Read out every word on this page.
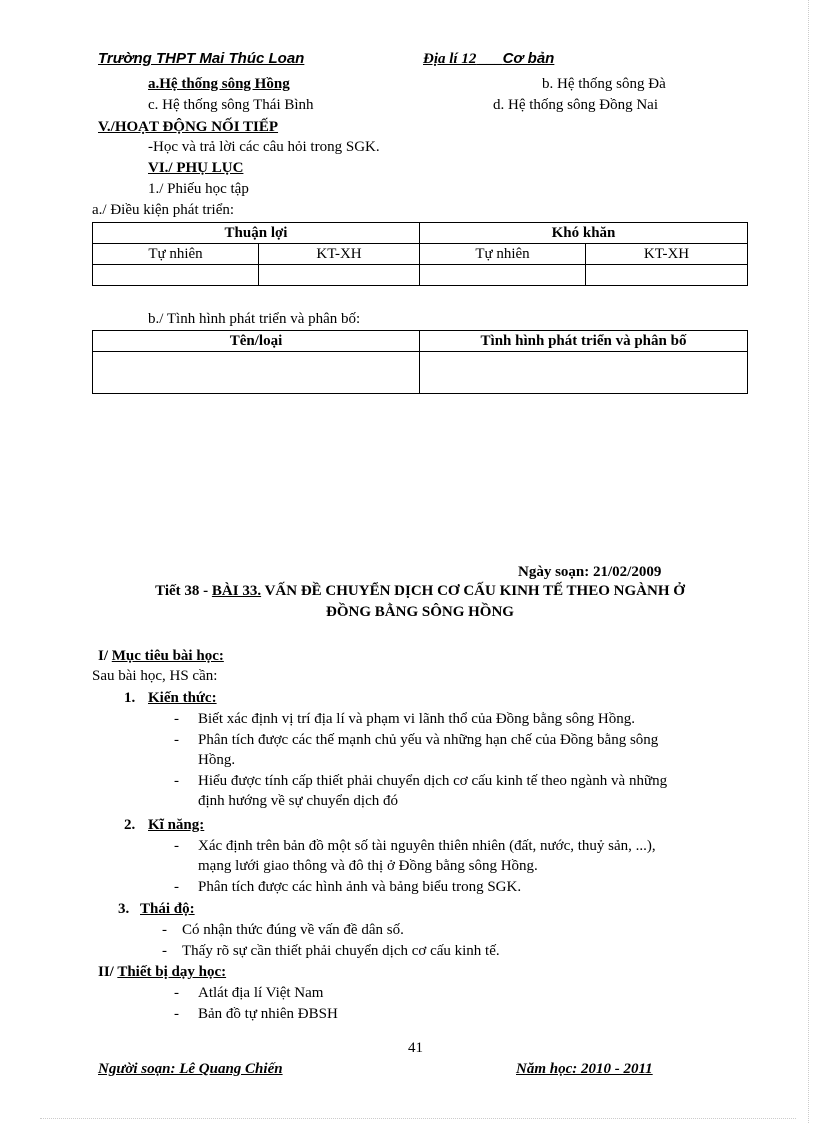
Trường THPT Mai Thúc Loan	Địa lí 12 ___Cơ bản
a.Hệ thống sông Hồng	b. Hệ thống sông Đà
c. Hệ thống sông Thái Bình	d. Hệ thống sông Đồng Nai
V./HOẠT ĐỘNG NỐI TIẾP
-Học và trả lời các câu hỏi trong SGK.
VI./ PHỤ LỤC
1./ Phiếu học tập
a./ Điều kiện phát triển:
Thuận lợi		Khó khăn	
Tự nhiên	KT-XH	Tự nhiên	KT-XH

b./ Tình hình phát triển và phân bố:
Tên/loại	Tình hình phát triển và phân bố

Ngày soạn: 21/02/2009
Tiết 38 - BÀI 33. VẤN ĐỀ CHUYỂN DỊCH CƠ CẤU KINH TẾ THEO NGÀNH Ở
ĐỒNG BẰNG SÔNG HỒNG
I/ Mục tiêu bài học:
Sau bài học, HS cần:
1. Kiến thức:
- Biết xác định vị trí địa lí và phạm vi lãnh thổ của Đồng bằng sông Hồng.
- Phân tích được các thế mạnh chủ yếu và những hạn chế của Đồng bằng sông
Hồng.
- Hiểu được tính cấp thiết phải chuyển dịch cơ cấu kinh tế theo ngành và những
định hướng về sự chuyển dịch đó
2. Kĩ năng:
- Xác định trên bản đồ một số tài nguyên thiên nhiên (đất, nước, thuỷ sản, ...),
mạng lưới giao thông và đô thị ở Đồng bằng sông Hồng.
- Phân tích được các hình ảnh và bảng biểu trong SGK.
3. Thái độ:
- Có nhận thức đúng về vấn đề dân số.
- Thấy rõ sự cần thiết phải chuyển dịch cơ cấu kinh tế.
II/ Thiết bị dạy học:
- Atlát địa lí Việt Nam
- Bản đồ tự nhiên ĐBSH
41
Người soạn: Lê Quang Chiến	Năm học: 2010 - 2011
